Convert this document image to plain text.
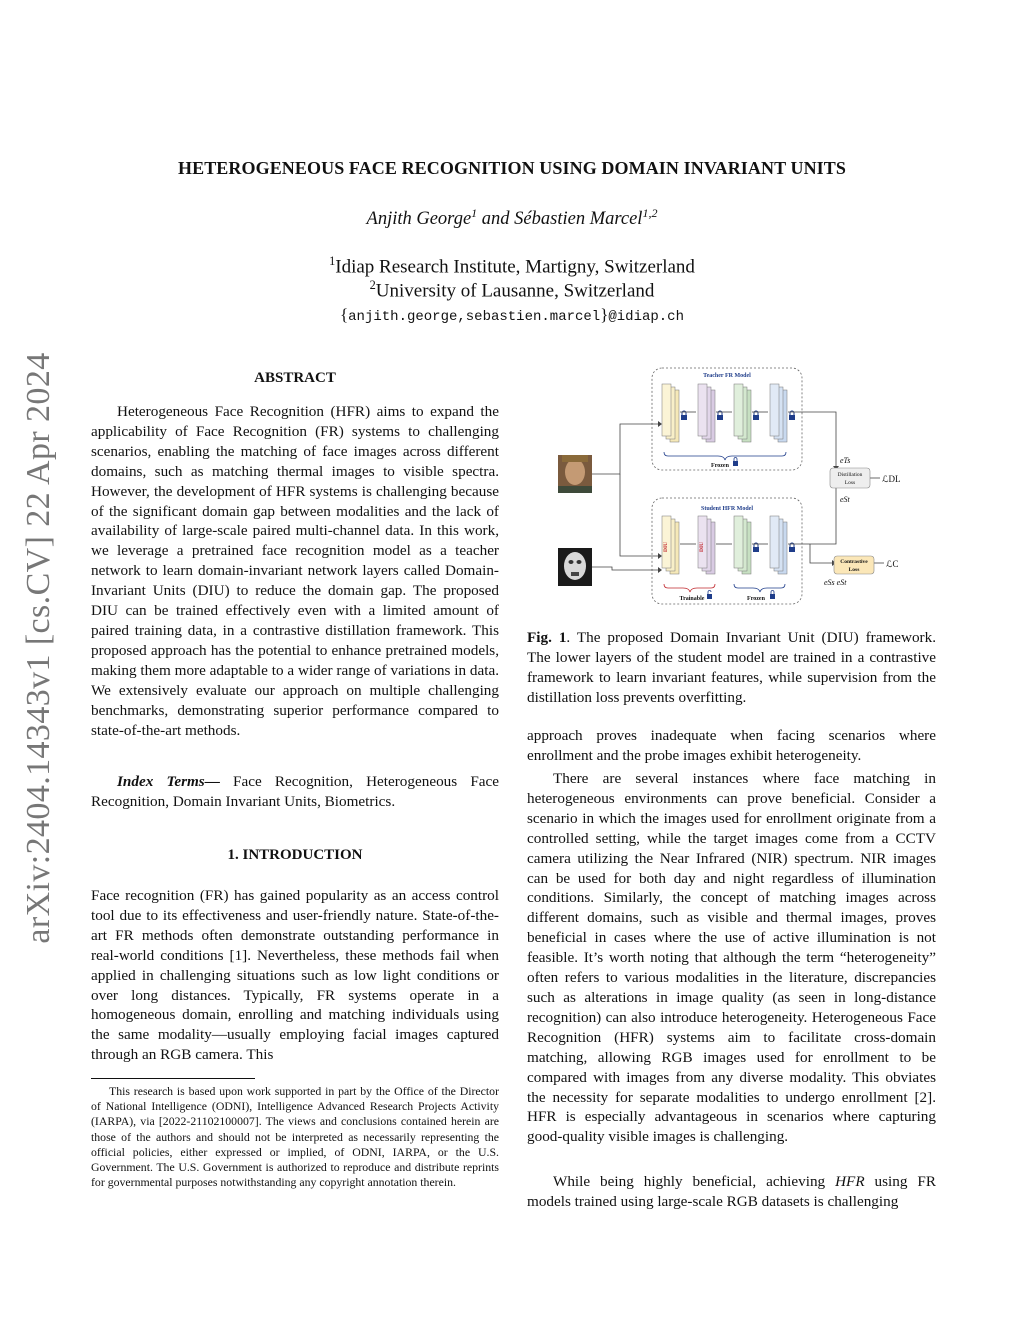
HETEROGENEOUS FACE RECOGNITION USING DOMAIN INVARIANT UNITS
Anjith George$^1$ and Sébastien Marcel$^{1,2}$
$^1$Idiap Research Institute, Martigny, Switzerland
$^2$University of Lausanne, Switzerland
{anjith.george,sebastien.marcel}@idiap.ch
arXiv:2404.14343v1 [cs.CV] 22 Apr 2024	ABSTRACT
Heterogeneous Face Recognition (HFR) aims to expand the applicability of Face Recognition (FR) systems to challenging scenarios, enabling the matching of face images across different domains, such as matching thermal images to visible spectra. However, the development of HFR systems is challenging because of the significant domain gap between modalities and the lack of availability of large-scale paired multi-channel data. In this work, we leverage a pretrained face recognition model as a teacher network to learn domain-invariant network layers called Domain-Invariant Units (DIU) to reduce the domain gap. The proposed DIU can be trained effectively even with a limited amount of paired training data, in a contrastive distillation framework. This proposed approach has the potential to enhance pretrained models, making them more adaptable to a wider range of variations in data. We extensively evaluate our approach on multiple challenging benchmarks, demonstrating superior performance compared to state-of-the-art methods.
Index Terms— Face Recognition, Heterogeneous Face Recognition, Domain Invariant Units, Biometrics.
1. INTRODUCTION
Face recognition (FR) has gained popularity as an access control tool due to its effectiveness and user-friendly nature. State-of-the-art FR methods often demonstrate outstanding performance in real-world conditions [1]. Nevertheless, these methods fail when applied in challenging situations such as low light conditions or over long distances. Typically, FR systems operate in a homogeneous domain, enrolling and matching individuals using the same modality—usually employing facial images captured through an RGB camera. This
This research is based upon work supported in part by the Office of the Director of National Intelligence (ODNI), Intelligence Advanced Research Projects Activity (IARPA), via [2022-21102100007]. The views and conclusions contained herein are those of the authors and should not be interpreted as necessarily representing the official policies, either expressed or implied, of ODNI, IARPA, or the U.S. Government. The U.S. Government is authorized to reproduce and distribute reprints for governmental purposes notwithstanding any copyright annotation therein.
Teacher FR Model
Frozen
Student HFR Model
DIU	DIU
Trainable	Frozen
Distillation
Loss
Contrastive
Loss
ℒDL
ℒC
eTs
eSt
eSs eSt
Fig. 1. The proposed Domain Invariant Unit (DIU) framework. The lower layers of the student model are trained in a contrastive framework to learn invariant features, while supervision from the distillation loss prevents overfitting.
approach proves inadequate when facing scenarios where enrollment and the probe images exhibit heterogeneity.
There are several instances where face matching in heterogeneous environments can prove beneficial. Consider a scenario in which the images used for enrollment originate from a controlled setting, while the target images come from a CCTV camera utilizing the Near Infrared (NIR) spectrum. NIR images can be used for both day and night regardless of illumination conditions. Similarly, the concept of matching images across different domains, such as visible and thermal images, proves beneficial in cases where the use of active illumination is not feasible. It’s worth noting that although the term “heterogeneity” often refers to various modalities in the literature, discrepancies such as alterations in image quality (as seen in long-distance recognition) can also introduce heterogeneity. Heterogeneous Face Recognition (HFR) systems aim to facilitate cross-domain matching, allowing RGB images used for enrollment to be compared with images from any diverse modality. This obviates the necessity for separate modalities to undergo enrollment [2]. HFR is especially advantageous in scenarios where capturing good-quality visible images is challenging.
While being highly beneficial, achieving HFR using FR models trained using large-scale RGB datasets is challenging
